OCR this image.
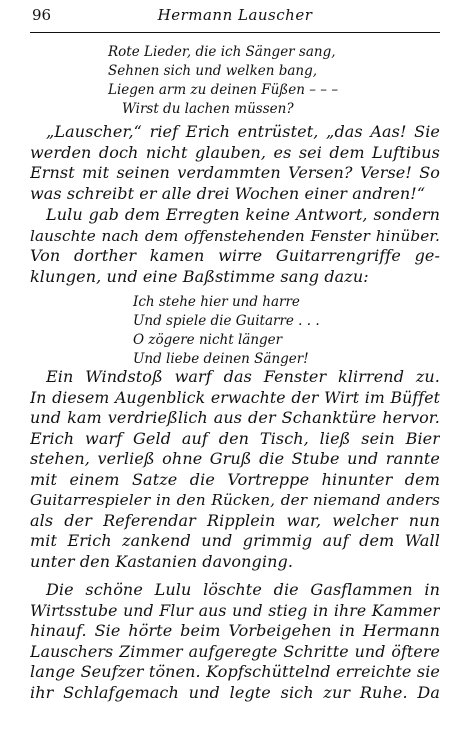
96	Hermann Lauscher
Rote Lieder, die ich Sänger sang,
Sehnen sich und welken bang,
Liegen arm zu deinen Füßen – – –
Wirst du lachen müssen?
„Lauscher,“ rief Erich entrüstet, „das Aas! Sie
werden doch nicht glauben, es sei dem Luftibus
Ernst mit seinen verdammten Versen? Verse! So
was schreibt er alle drei Wochen einer andren!“
Lulu gab dem Erregten keine Antwort, sondern
lauschte nach dem offenstehenden Fenster hinüber.
Von dorther kamen wirre Guitarrengriffe ge-
klungen, und eine Baßstimme sang dazu:
Ich stehe hier und harre
Und spiele die Guitarre . . .
O zögere nicht länger
Und liebe deinen Sänger!
Ein Windstoß warf das Fenster klirrend zu.
In diesem Augenblick erwachte der Wirt im Büffet
und kam verdrießlich aus der Schanktüre hervor.
Erich warf Geld auf den Tisch, ließ sein Bier
stehen, verließ ohne Gruß die Stube und rannte
mit einem Satze die Vortreppe hinunter dem
Guitarrespieler in den Rücken, der niemand anders
als der Referendar Ripplein war, welcher nun
mit Erich zankend und grimmig auf dem Wall
unter den Kastanien davonging.
Die schöne Lulu löschte die Gasflammen in
Wirtsstube und Flur aus und stieg in ihre Kammer
hinauf. Sie hörte beim Vorbeigehen in Hermann
Lauschers Zimmer aufgeregte Schritte und öftere
lange Seufzer tönen. Kopfschüttelnd erreichte sie
ihr Schlafgemach und legte sich zur Ruhe. Da
